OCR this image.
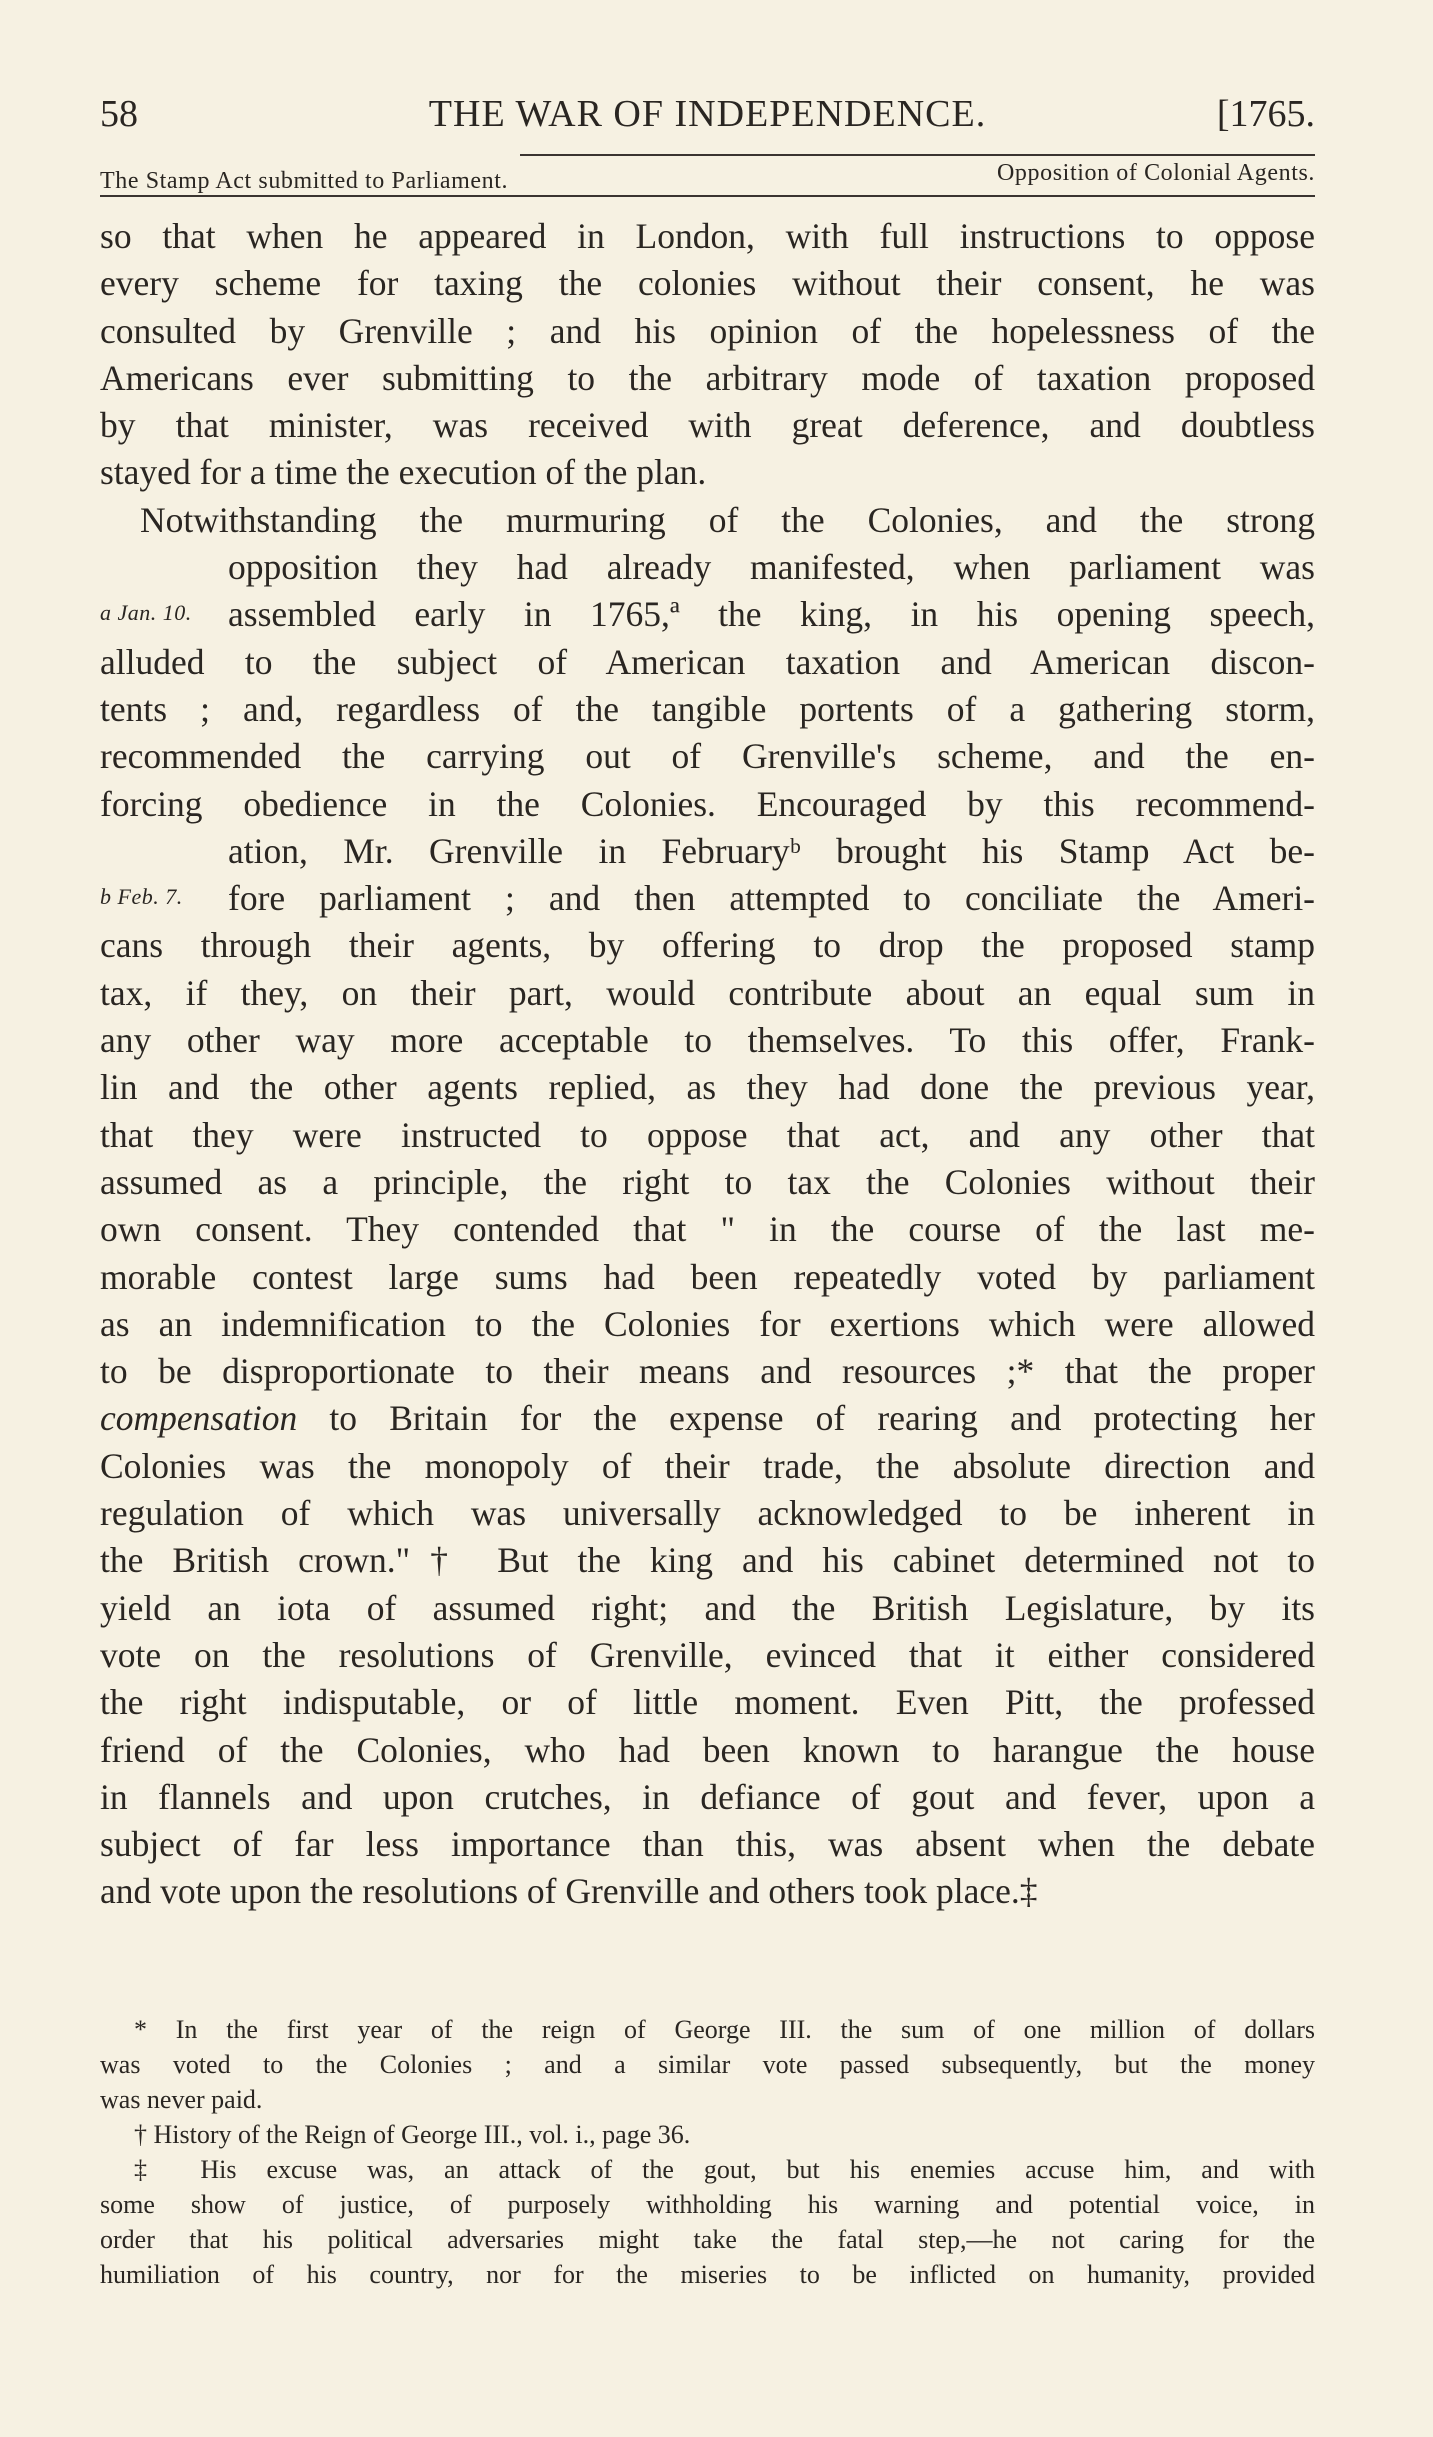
58	THE WAR OF INDEPENDENCE.	[1765.
The Stamp Act submitted to Parliament.	Opposition of Colonial Agents.
a Jan. 10.
b Feb. 7.
so that when he appeared in London, with full instructions to oppose
every scheme for taxing the colonies without their consent, he was
consulted by Grenville ; and his opinion of the hopelessness of the
Americans ever submitting to the arbitrary mode of taxation proposed
by that minister, was received with great deference, and doubtless
stayed for a time the execution of the plan.
Notwithstanding the murmuring of the Colonies, and the strong
opposition they had already manifested, when parliament was
assembled early in 1765,ª the king, in his opening speech,
alluded to the subject of American taxation and American discon-
tents ; and, regardless of the tangible portents of a gathering storm,
recommended the carrying out of Grenville's scheme, and the en-
forcing obedience in the Colonies. Encouraged by this recommend-
ation, Mr. Grenville in Februaryᵇ brought his Stamp Act be-
fore parliament ; and then attempted to conciliate the Ameri-
cans through their agents, by offering to drop the proposed stamp
tax, if they, on their part, would contribute about an equal sum in
any other way more acceptable to themselves. To this offer, Frank-
lin and the other agents replied, as they had done the previous year,
that they were instructed to oppose that act, and any other that
assumed as a principle, the right to tax the Colonies without their
own consent. They contended that " in the course of the last me-
morable contest large sums had been repeatedly voted by parliament
as an indemnification to the Colonies for exertions which were allowed
to be disproportionate to their means and resources ;* that the proper
compensation to Britain for the expense of rearing and protecting her
Colonies was the monopoly of their trade, the absolute direction and
regulation of which was universally acknowledged to be inherent in
the British crown."† But the king and his cabinet determined not to
yield an iota of assumed right; and the British Legislature, by its
vote on the resolutions of Grenville, evinced that it either considered
the right indisputable, or of little moment. Even Pitt, the professed
friend of the Colonies, who had been known to harangue the house
in flannels and upon crutches, in defiance of gout and fever, upon a
subject of far less importance than this, was absent when the debate
and vote upon the resolutions of Grenville and others took place.‡
* In the first year of the reign of George III. the sum of one million of dollars
was voted to the Colonies ; and a similar vote passed subsequently, but the money
was never paid.
† History of the Reign of George III., vol. i., page 36.
‡ His excuse was, an attack of the gout, but his enemies accuse him, and with
some show of justice, of purposely withholding his warning and potential voice, in
order that his political adversaries might take the fatal step,—he not caring for the
humiliation of his country, nor for the miseries to be inflicted on humanity, provided
